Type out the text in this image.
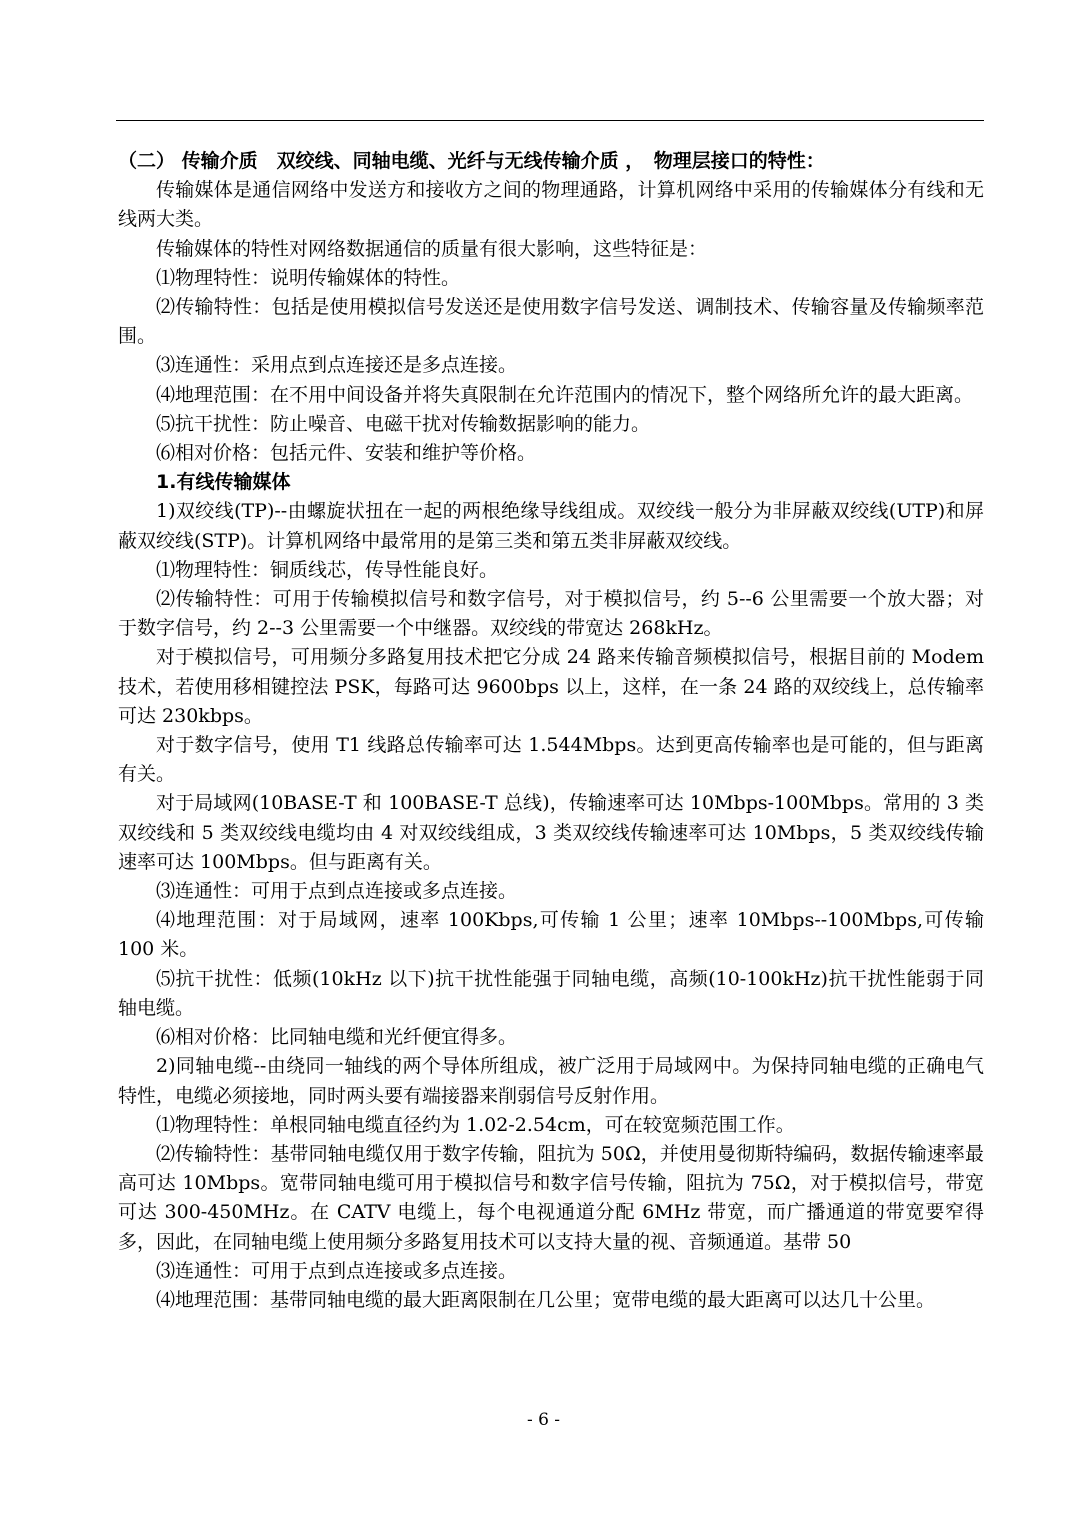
（二） 传输介质　双绞线、同轴电缆、光纤与无线传输介质 ，　物理层接口的特性：

传输媒体是通信网络中发送方和接收方之间的物理通路，计算机网络中采用的传输媒体分有线和无线两大类。

传输媒体的特性对网络数据通信的质量有很大影响，这些特征是：

⑴物理特性：说明传输媒体的特性。

⑵传输特性：包括是使用模拟信号发送还是使用数字信号发送、调制技术、传输容量及传输频率范围。

⑶连通性：采用点到点连接还是多点连接。

⑷地理范围：在不用中间设备并将失真限制在允许范围内的情况下，整个网络所允许的最大距离。

⑸抗干扰性：防止噪音、电磁干扰对传输数据影响的能力。

⑹相对价格：包括元件、安装和维护等价格。

1.有线传输媒体

1)双绞线(TP)--由螺旋状扭在一起的两根绝缘导线组成。双绞线一般分为非屏蔽双绞线(UTP)和屏蔽双绞线(STP)。计算机网络中最常用的是第三类和第五类非屏蔽双绞线。

⑴物理特性：铜质线芯，传导性能良好。

⑵传输特性：可用于传输模拟信号和数字信号，对于模拟信号，约 5--6 公里需要一个放大器；对于数字信号，约 2--3 公里需要一个中继器。双绞线的带宽达 268kHz。

对于模拟信号，可用频分多路复用技术把它分成 24 路来传输音频模拟信号，根据目前的 Modem 技术，若使用移相键控法 PSK，每路可达 9600bps 以上，这样，在一条 24 路的双绞线上，总传输率可达 230kbps。

对于数字信号，使用 T1 线路总传输率可达 1.544Mbps。达到更高传输率也是可能的，但与距离有关。

对于局域网(10BASE-T 和 100BASE-T 总线)，传输速率可达 10Mbps-100Mbps。常用的 3 类双绞线和 5 类双绞线电缆均由 4 对双绞线组成，3 类双绞线传输速率可达 10Mbps，5 类双绞线传输速率可达 100Mbps。但与距离有关。

⑶连通性：可用于点到点连接或多点连接。

⑷地理范围：对于局域网，速率 100Kbps,可传输 1 公里；速率 10Mbps--100Mbps,可传输 100 米。

⑸抗干扰性：低频(10kHz 以下)抗干扰性能强于同轴电缆，高频(10-100kHz)抗干扰性能弱于同轴电缆。

⑹相对价格：比同轴电缆和光纤便宜得多。

2)同轴电缆--由绕同一轴线的两个导体所组成，被广泛用于局域网中。为保持同轴电缆的正确电气特性，电缆必须接地，同时两头要有端接器来削弱信号反射作用。

⑴物理特性：单根同轴电缆直径约为 1.02-2.54cm，可在较宽频范围工作。

⑵传输特性：基带同轴电缆仅用于数字传输，阻抗为 50Ω，并使用曼彻斯特编码，数据传输速率最高可达 10Mbps。宽带同轴电缆可用于模拟信号和数字信号传输，阻抗为 75Ω，对于模拟信号，带宽可达 300-450MHz。在 CATV 电缆上，每个电视通道分配 6MHz 带宽，而广播通道的带宽要窄得多，因此，在同轴电缆上使用频分多路复用技术可以支持大量的视、音频通道。基带 50

⑶连通性：可用于点到点连接或多点连接。

⑷地理范围：基带同轴电缆的最大距离限制在几公里；宽带电缆的最大距离可以达几十公里。

- 6 -
